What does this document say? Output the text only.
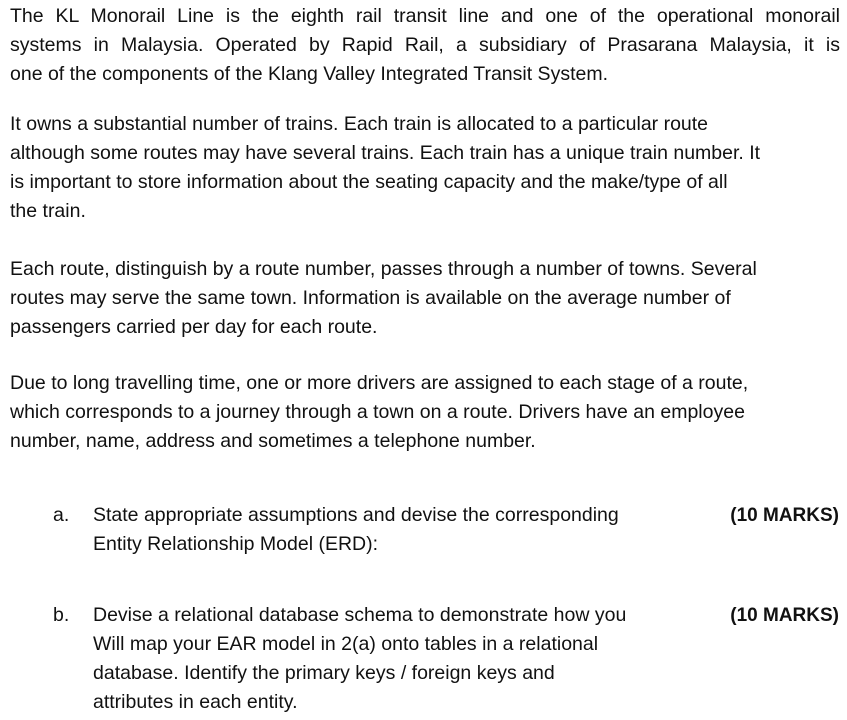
The KL Monorail Line is the eighth rail transit line and one of the operational monorail
systems in Malaysia. Operated by Rapid Rail, a subsidiary of Prasarana Malaysia, it is
one of the components of the Klang Valley Integrated Transit System.

It owns a substantial number of trains. Each train is allocated to a particular route
although some routes may have several trains. Each train has a unique train number. It
is important to store information about the seating capacity and the make/type of all
the train.

Each route, distinguish by a route number, passes through a number of towns. Several
routes may serve the same town. Information is available on the average number of
passengers carried per day for each route.

Due to long travelling time, one or more drivers are assigned to each stage of a route,
which corresponds to a journey through a town on a route. Drivers have an employee
number, name, address and sometimes a telephone number.

a. State appropriate assumptions and devise the corresponding
Entity Relationship Model (ERD):

(10 MARKS)
b. Devise a relational database schema to demonstrate how you
Will map your EAR model in 2(a) onto tables in a relational
database. Identify the primary keys / foreign keys and
attributes in each entity.

(10 MARKS)
